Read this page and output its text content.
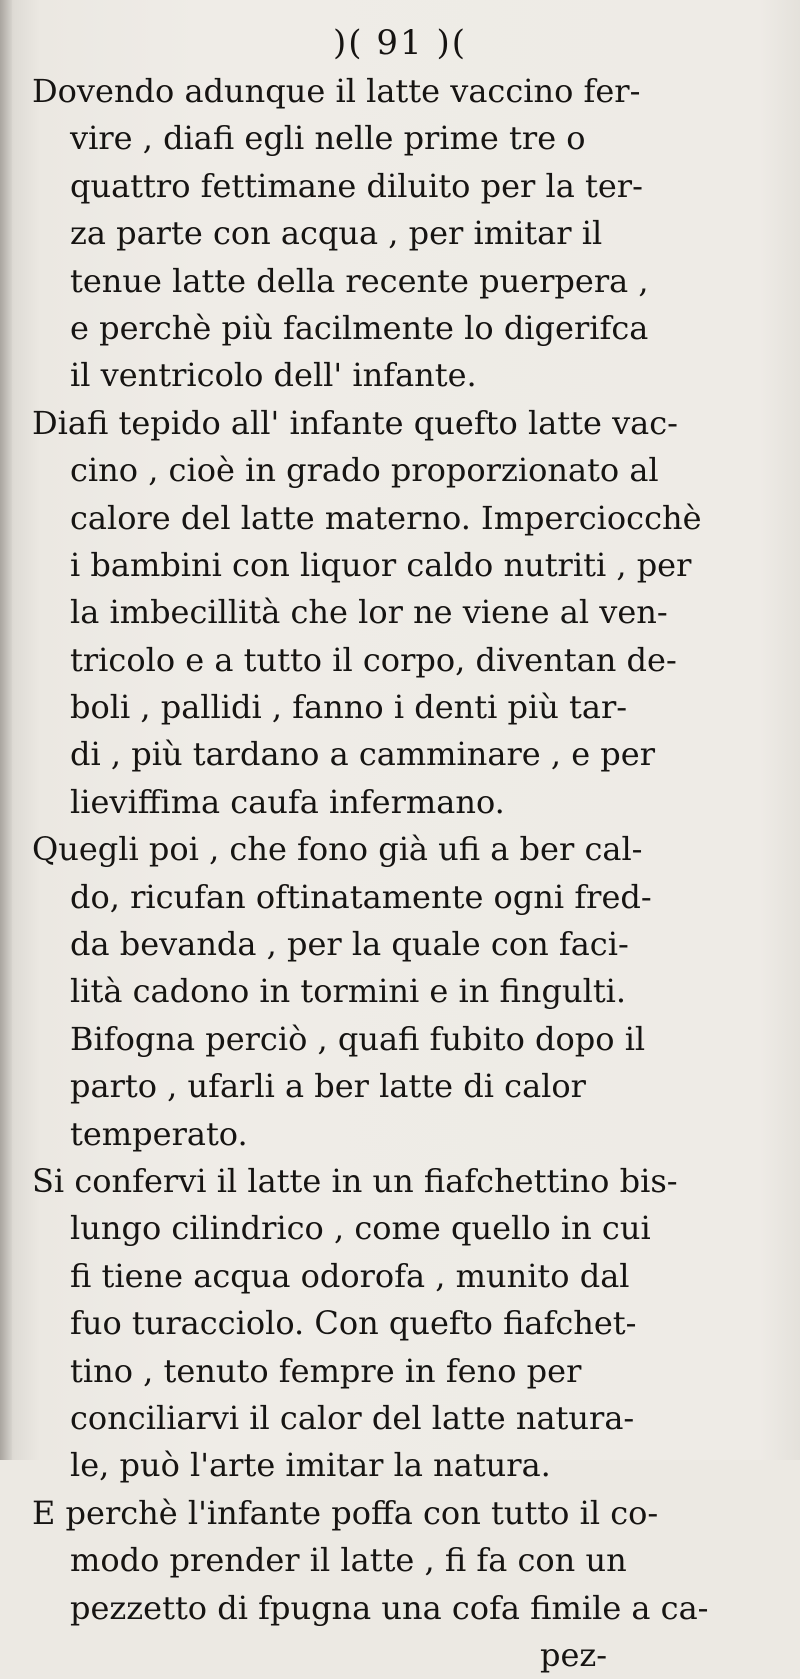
)( 91 )(
Dovendo adunque il latte vaccino fer-
vire , diafi egli nelle prime tre o
quattro fettimane diluito per la ter-
za parte con acqua , per imitar il
tenue latte della recente puerpera ,
e perchè più facilmente lo digerifca
il ventricolo dell' infante.
Diafi tepido all' infante quefto latte vac-
cino , cioè in grado proporzionato al
calore del latte materno. Imperciocchè
i bambini con liquor caldo nutriti , per
la imbecillità che lor ne viene al ven-
tricolo e a tutto il corpo, diventan de-
boli , pallidi , fanno i denti più tar-
di , più tardano a camminare , e per
lieviffima caufa infermano.
Quegli poi , che fono già ufi a ber cal-
do, ricufan oftinatamente ogni fred-
da bevanda , per la quale con faci-
lità cadono in tormini e in fingulti.
Bifogna perciò , quafi fubito dopo il
parto , ufarli a ber latte di calor
temperato.
Si confervi il latte in un fiafchettino bis-
lungo cilindrico , come quello in cui
fi tiene acqua odorofa , munito dal
fuo turacciolo. Con quefto fiafchet-
tino , tenuto fempre in feno per
conciliarvi il calor del latte natura-
le, può l'arte imitar la natura.
E perchè l'infante poffa con tutto il co-
modo prender il latte , fi fa con un
pezzetto di fpugna una cofa fimile a ca-
pez-
